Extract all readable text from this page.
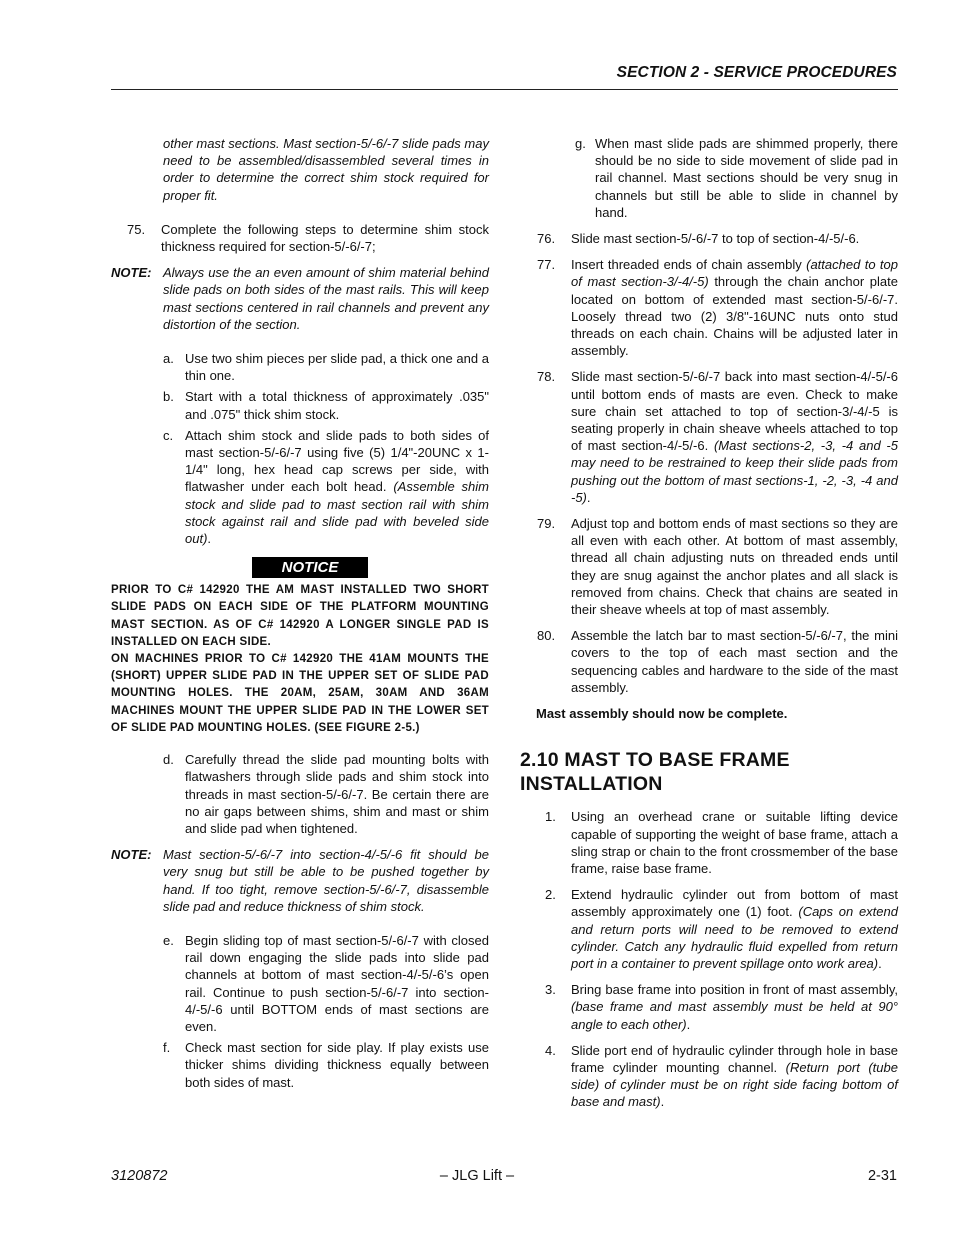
SECTION 2 - SERVICE PROCEDURES

other mast sections. Mast section-5/-6/-7 slide pads may need to be assembled/disassembled several times in order to determine the correct shim stock required for proper fit.

75.	Complete the following steps to determine shim stock thickness required for section-5/-6/-7;
NOTE: Always use the an even amount of shim material behind slide pads on both sides of the mast rails. This will keep mast sections centered in rail channels and prevent any distortion of the section.
a. Use two shim pieces per slide pad, a thick one and a thin one.
b. Start with a total thickness of approximately .035" and .075" thick shim stock.
c. Attach shim stock and slide pads to both sides of mast section-5/-6/-7 using five (5) 1/4"-20UNC x 1-1/4" long, hex head cap screws per side, with flatwasher under each bolt head. (Assemble shim stock and slide pad to mast section rail with shim stock against rail and slide pad with beveled side out).
NOTICE

PRIOR TO C# 142920 THE AM MAST INSTALLED TWO SHORT SLIDE PADS ON EACH SIDE OF THE PLATFORM MOUNTING MAST SECTION. AS OF C# 142920 A LONGER SINGLE PAD IS INSTALLED ON EACH SIDE.

ON MACHINES PRIOR TO C# 142920 THE 41AM MOUNTS THE (SHORT) UPPER SLIDE PAD IN THE UPPER SET OF SLIDE PAD MOUNTING HOLES. THE 20AM, 25AM, 30AM AND 36AM MACHINES MOUNT THE UPPER SLIDE PAD IN THE LOWER SET OF SLIDE PAD MOUNTING HOLES. (SEE FIGURE 2-5.)

d. Carefully thread the slide pad mounting bolts with flatwashers through slide pads and shim stock into threads in mast section-5/-6/-7. Be certain there are no air gaps between shims, shim and mast or shim and slide pad when tightened.
NOTE: Mast section-5/-6/-7 into section-4/-5/-6 fit should be very snug but still be able to be pushed together by hand. If too tight, remove section-5/-6/-7, disassemble slide pad and reduce thickness of shim stock.
e. Begin sliding top of mast section-5/-6/-7 with closed rail down engaging the slide pads into slide pad channels at bottom of mast section-4/-5/-6’s open rail. Continue to push section-5/-6/-7 into section-4/-5/-6 until BOTTOM ends of mast sections are even.
f.	Check mast section for side play. If play exists use thicker shims dividing thickness equally between both sides of mast.
g. When mast slide pads are shimmed properly, there should be no side to side movement of slide pad in rail channel. Mast sections should be very snug in channels but still be able to slide in channel by hand.
76.	Slide mast section-5/-6/-7 to top of section-4/-5/-6.
77.	Insert threaded ends of chain assembly (attached to top of mast section-3/-4/-5) through the chain anchor plate located on bottom of extended mast section-5/-6/-7. Loosely thread two (2) 3/8"-16UNC nuts onto stud threads on each chain. Chains will be adjusted later in assembly.
78.	Slide mast section-5/-6/-7 back into mast section-4/-5/-6 until bottom ends of masts are even. Check to make sure chain set attached to top of section-3/-4/-5 is seating properly in chain sheave wheels attached to top of mast section-4/-5/-6. (Mast sections-2, -3, -4 and -5 may need to be restrained to keep their slide pads from pushing out the bottom of mast sections-1, -2, -3, -4 and -5).
79.	Adjust top and bottom ends of mast sections so they are all even with each other. At bottom of mast assembly, thread all chain adjusting nuts on threaded ends until they are snug against the anchor plates and all slack is removed from chains. Check that chains are seated in their sheave wheels at top of mast assembly.
80.	Assemble the latch bar to mast section-5/-6/-7, the mini covers to the top of each mast section and the sequencing cables and hardware to the side of the mast assembly.

Mast assembly should now be complete.

2.10 MAST TO BASE FRAME INSTALLATION
1.	Using an overhead crane or suitable lifting device capable of supporting the weight of base frame, attach a sling strap or chain to the front crossmember of the base frame, raise base frame.
2.	Extend hydraulic cylinder out from bottom of mast assembly approximately one (1) foot. (Caps on extend and return ports will need to be removed to extend cylinder. Catch any hydraulic fluid expelled from return port in a container to prevent spillage onto work area).
3.	Bring base frame into position in front of mast assembly, (base frame and mast assembly must be held at 90° angle to each other).
4.	Slide port end of hydraulic cylinder through hole in base frame cylinder mounting channel. (Return port (tube side) of cylinder must be on right side facing bottom of base and mast).
3120872	– JLG Lift –	2-31
